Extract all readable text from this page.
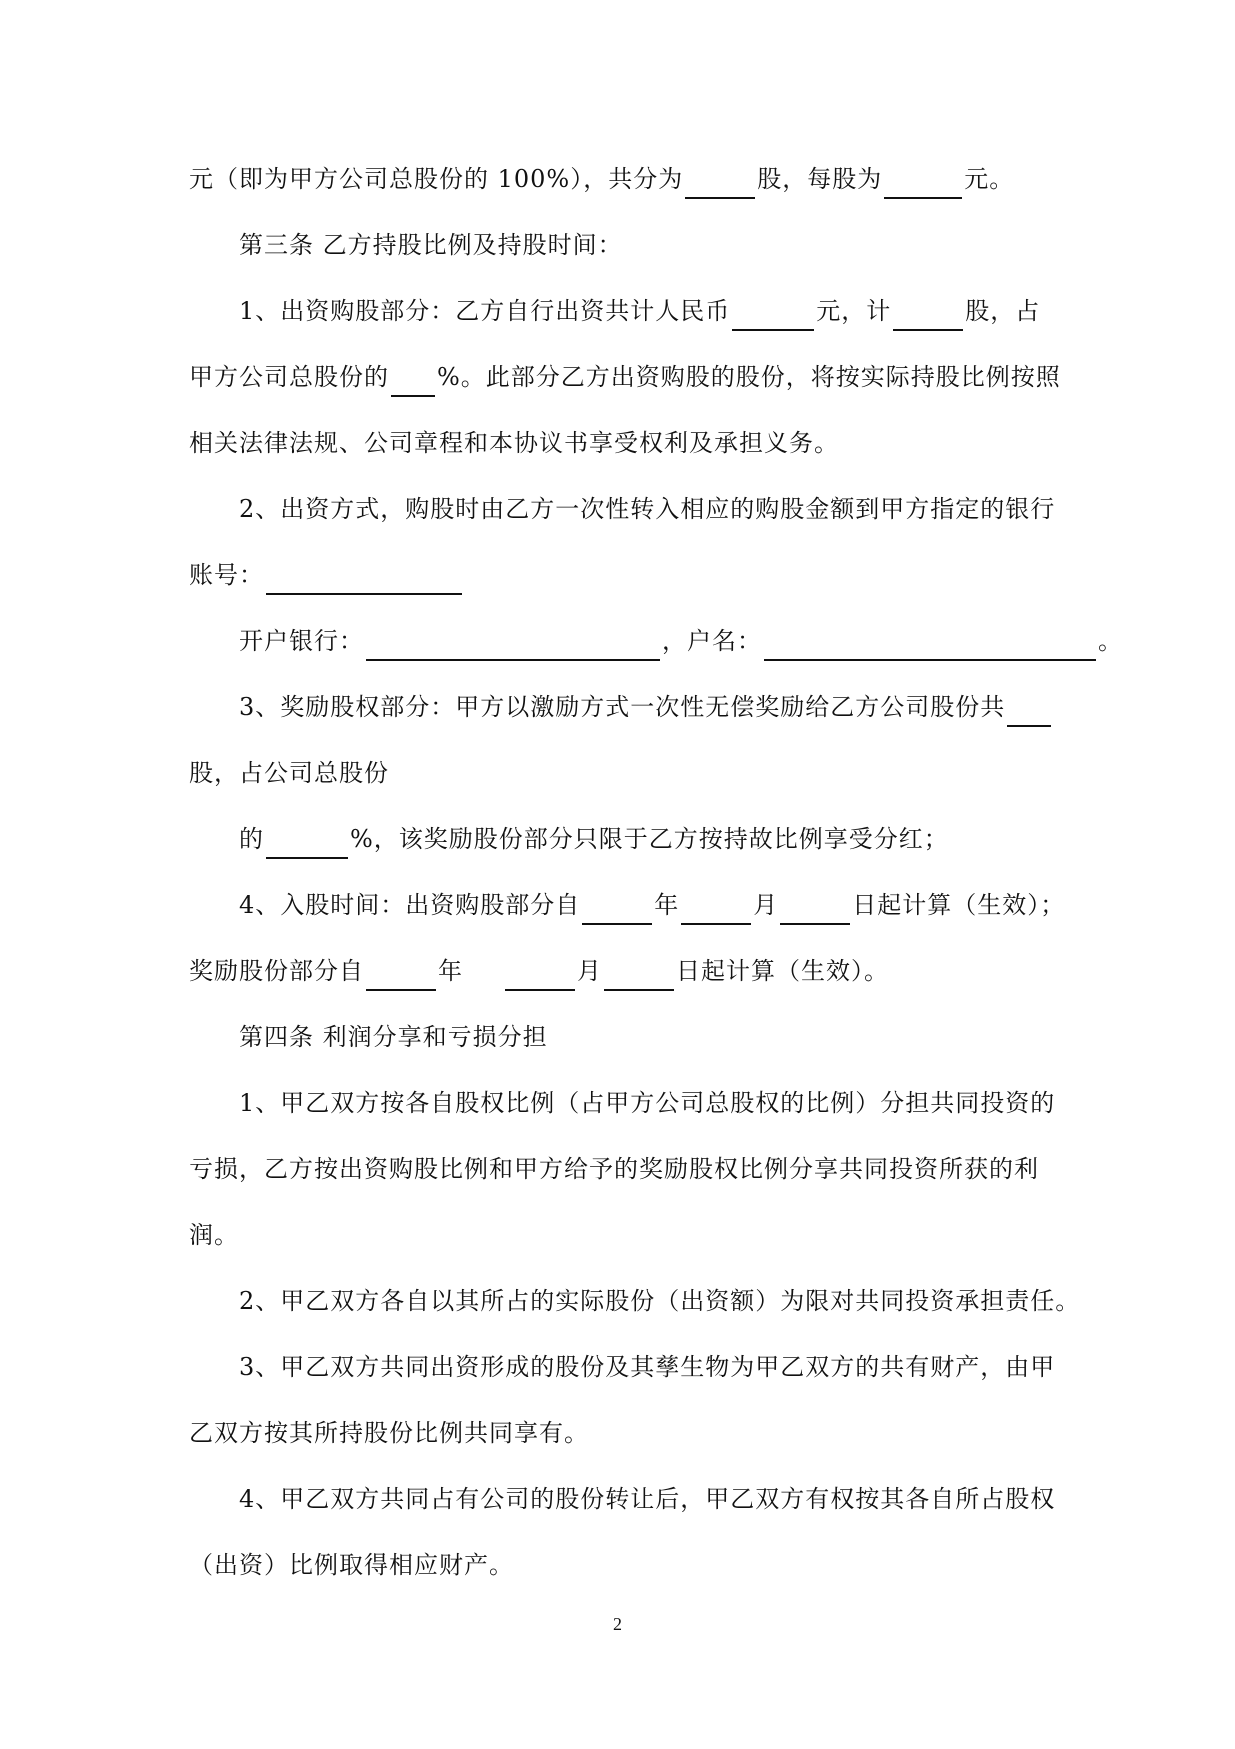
元（即为甲方公司总股份的 100%），共分为	股，每股为	元。
第三条 乙方持股比例及持股时间：
1、出资购股部分：乙方自行出资共计人民币	元，计	股，占
甲方公司总股份的 %。此部分乙方出资购股的股份，将按实际持股比例按照
相关法律法规、公司章程和本协议书享受权利及承担义务。
2、出资方式，购股时由乙方一次性转入相应的购股金额到甲方指定的银行
账号：
开户银行：	，户名：	。
3、奖励股权部分：甲方以激励方式一次性无偿奖励给乙方公司股份共
股，占公司总股份
的	%，该奖励股份部分只限于乙方按持故比例享受分红；
4、入股时间：出资购股部分自	年	月	日起计算（生效）；
奖励股份部分自	年	月	日起计算（生效）。
第四条 利润分享和亏损分担
1、甲乙双方按各自股权比例（占甲方公司总股权的比例）分担共同投资的
亏损，乙方按出资购股比例和甲方给予的奖励股权比例分享共同投资所获的利
润。
2、甲乙双方各自以其所占的实际股份（出资额）为限对共同投资承担责任。
3、甲乙双方共同出资形成的股份及其孳生物为甲乙双方的共有财产，由甲
乙双方按其所持股份比例共同享有。
4、甲乙双方共同占有公司的股份转让后，甲乙双方有权按其各自所占股权
（出资）比例取得相应财产。
2
